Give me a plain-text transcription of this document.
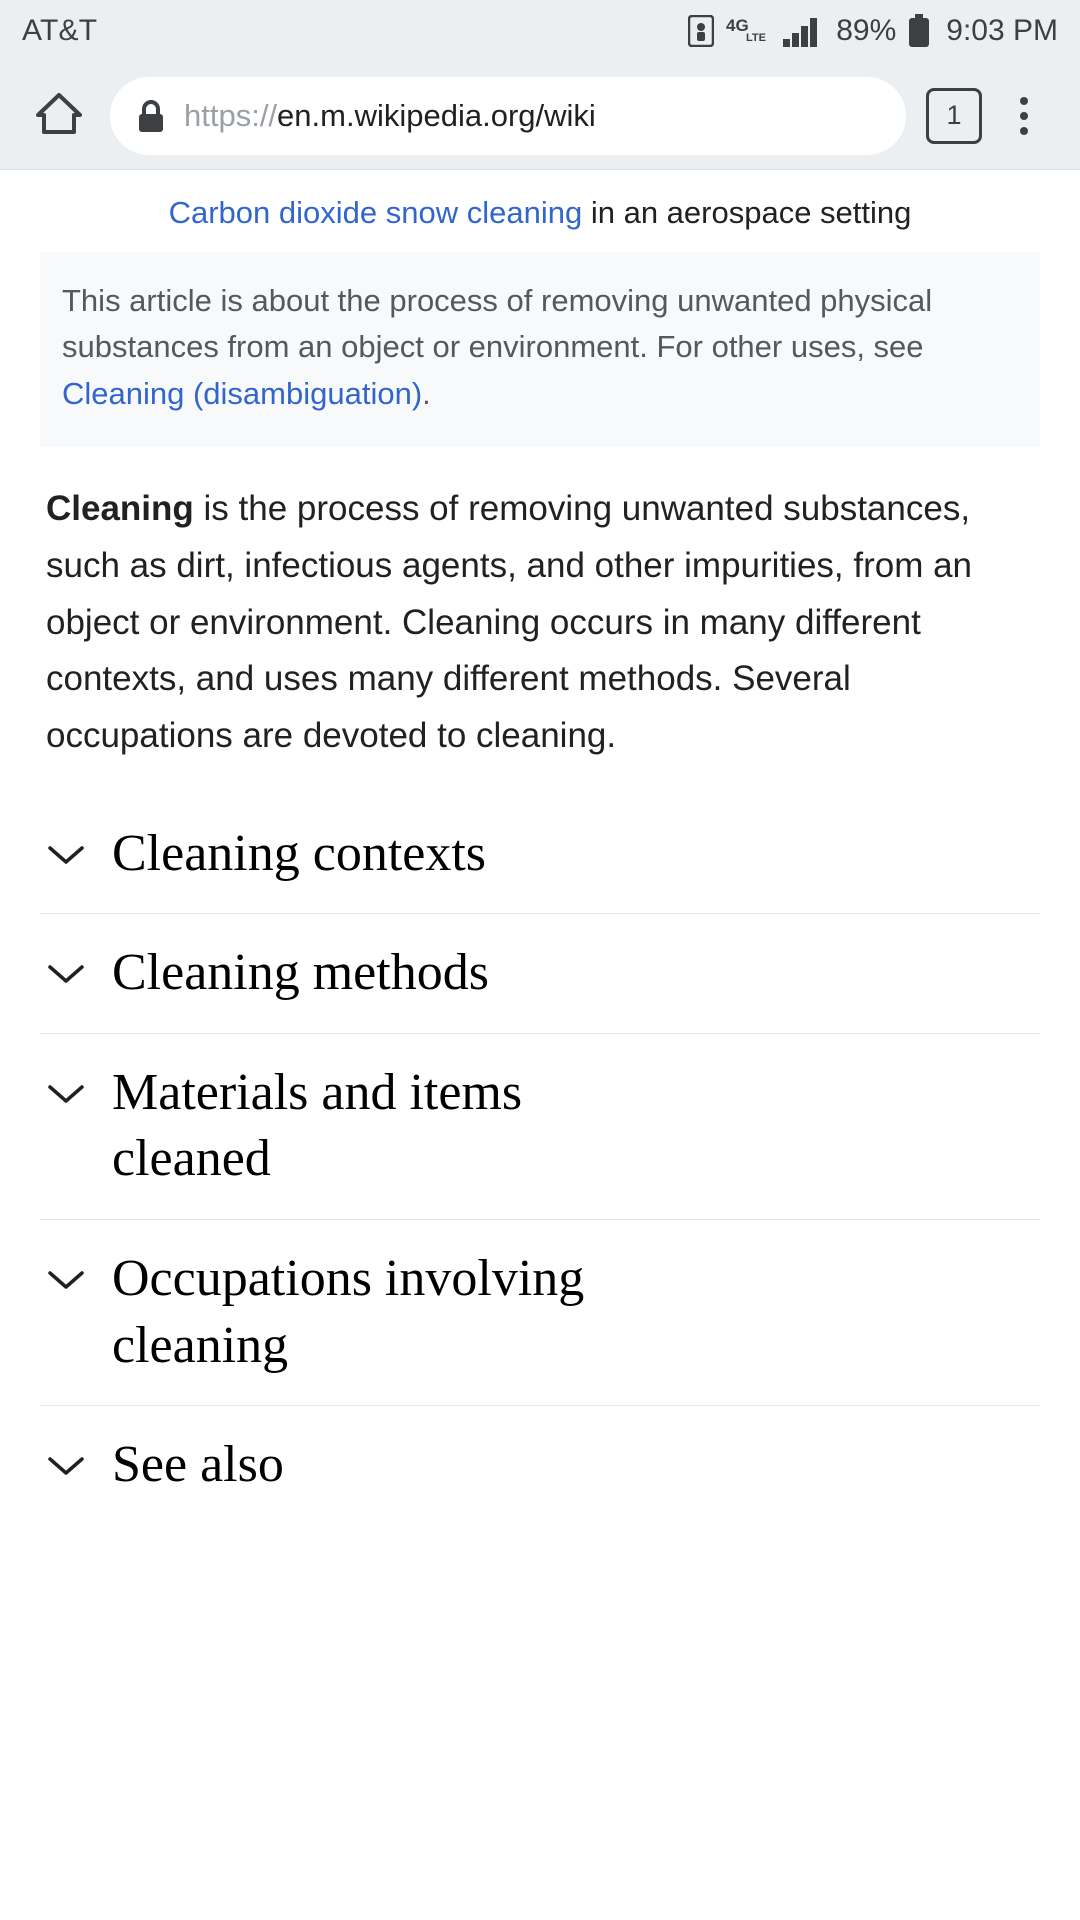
AT&T	4G
LTE 89% 9:03 PM
https://en.m.wikipedia.org/wiki	1
Carbon dioxide snow cleaning in an aerospace setting
This article is about the process of removing unwanted physical substances from an object or environment. For other uses, see Cleaning (disambiguation).
Cleaning is the process of removing unwanted substances, such as dirt, infectious agents, and other impurities, from an object or environment. Cleaning occurs in many different contexts, and uses many different methods. Several occupations are devoted to cleaning.
Cleaning contexts
Cleaning methods
Materials and items cleaned
Occupations involving cleaning
See also
